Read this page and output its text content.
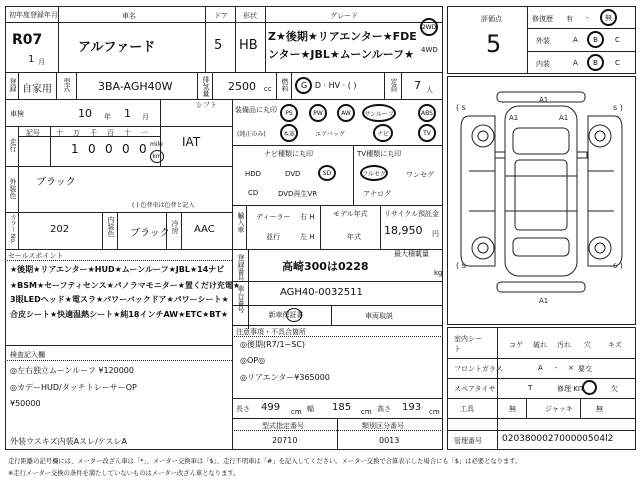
初年度登録年月
R07
1 月
車名
アルファード
ドア
5
形状
HB
グレード
Z★後期★リアエンター★FDE
ンター★JBL★ムーンルーフ★
2WD
4WD
登録 自家用 型式 3BA-AGH40W	排気量 2500 cc 燃料 G · D · HV · ( )	定員 7 人
車検	10 年 1 月
シフト
IAT
走行
記号 十 万 千 百 十 一
1 0 0 0 0 mile
km
外装色 ブラック
( ) 色替車は色替と記入
カラー No.	202	内装色 ブラック 冷房 AAC
装備品に丸印
(純正のみ)
PS	PW	AW	サンルーフ	ABS
本革	エアバッグ	ナビ	TV
ナビ種類に丸印
HDD	DVD	SD
CD	DVD再生VR
TV種類に丸印
フルセグ	ワンセグ
アナログ
輸入車 ディーラー 右 H
並行	左 H
モデル年式
年式
リサイクル預託金
18,950 円
最大積載量
kg
登録番号	高崎300は0228
車台番号	AGH40-0032511
新車保証書	車両取説
セールスポイント
★後期★リアエンター★HUD★ムーンルーフ★JBL★14ナビ
★BSM★セーフティセンス★パノラマモニター★置くだけ充電★
3眼LEDヘッド★電スラ★パワーバックドア★パワーシート★
合皮シート★快適温熱シート★純18インチAW★ETC★BT★
検査記入欄
◎左右独立ムーンルーフ ¥120000
◎カデーHUD/タッチトレーサーOP
¥50000
外装ウスキズ内装Aスレ/ケスレA
注意事項・不具合箇所
◎後期(R7/1~SC)
◎OP◎
◎リアエンター¥365000
長さ 499 cm 幅 185 cm 高さ 193 cm
型式指定番号
20710
類別区分番号
0013
評価点
5
修復歴 有 -	無
外装	A	B	C
内装	A	B	C
( s	s )
( s	s )
A1
A1	A1
A1
室内シート	コゲ 破れ 汚れ 穴 キズ
フロントガラス	A - × 要交
スペアタイヤ	T	修理 KIT	欠
工具	無	ジャッキ	無
管理番号 020380002700000504l2
走行距離の記号欄には、メーター改ざん車は「*」、メーター交換車は「$」、走行不明車は「#」を記入してください。メーター交換で合算表示した場合にも「$」は必要となります。
※走行メーター交換の条件を満たしていないものはメーター改ざん車となります。
